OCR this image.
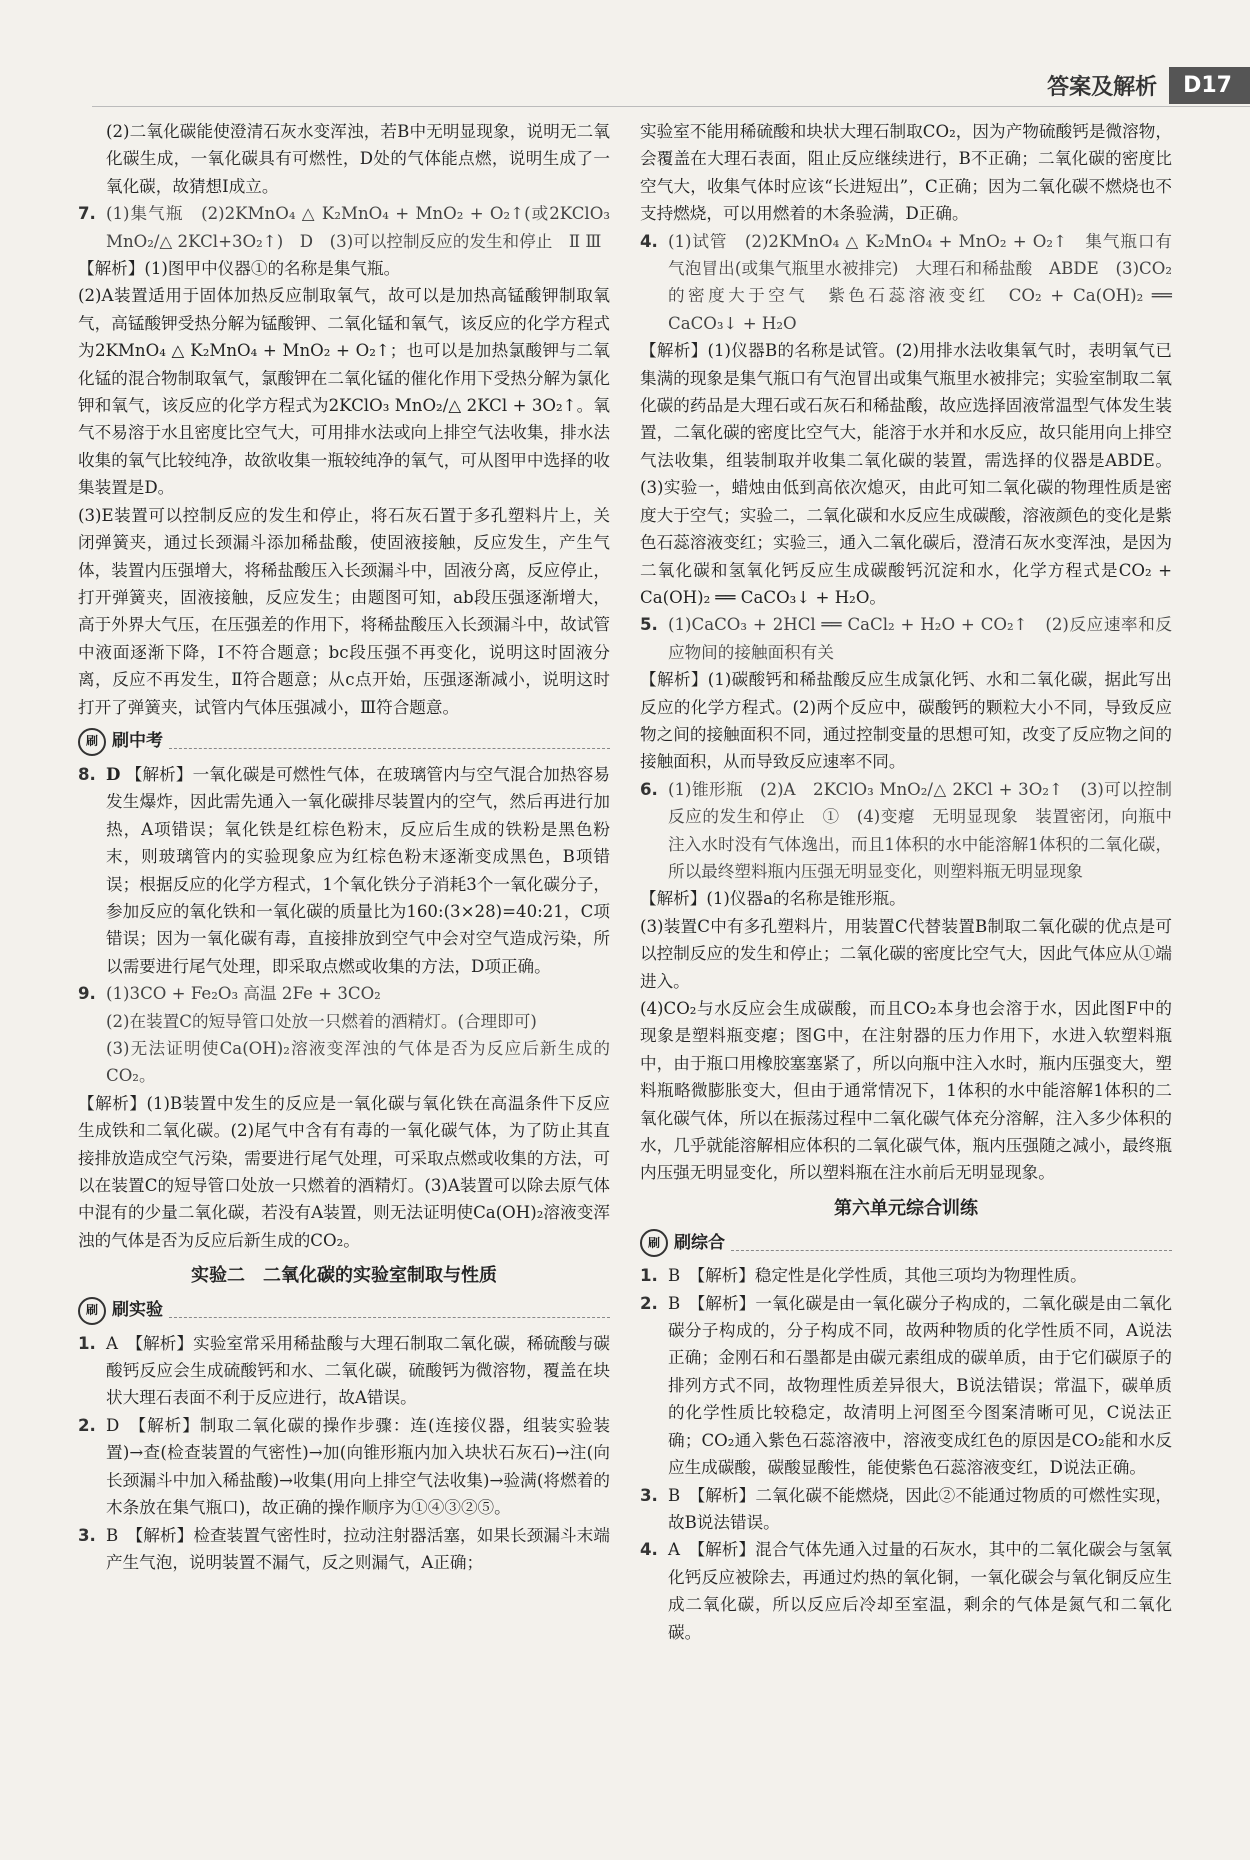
答案及解析	D17

(2)二氧化碳能使澄清石灰水变浑浊，若B中无明显现象，说明无二氧化碳生成，一氧化碳具有可燃性，D处的气体能点燃，说明生成了一氧化碳，故猜想Ⅰ成立。

7. (1)集气瓶　(2)2KMnO₄ △ K₂MnO₄ + MnO₂ + O₂↑(或2KClO₃ MnO₂/△ 2KCl+3O₂↑)　D　(3)可以控制反应的发生和停止　Ⅱ Ⅲ

【解析】(1)图甲中仪器①的名称是集气瓶。

(2)A装置适用于固体加热反应制取氧气，故可以是加热高锰酸钾制取氧气，高锰酸钾受热分解为锰酸钾、二氧化锰和氧气，该反应的化学方程式为2KMnO₄ △ K₂MnO₄ + MnO₂ + O₂↑；也可以是加热氯酸钾与二氧化锰的混合物制取氧气，氯酸钾在二氧化锰的催化作用下受热分解为氯化钾和氧气，该反应的化学方程式为2KClO₃ MnO₂/△ 2KCl + 3O₂↑。氧气不易溶于水且密度比空气大，可用排水法或向上排空气法收集，排水法收集的氧气比较纯净，故欲收集一瓶较纯净的氧气，可从图甲中选择的收集装置是D。

(3)E装置可以控制反应的发生和停止，将石灰石置于多孔塑料片上，关闭弹簧夹，通过长颈漏斗添加稀盐酸，使固液接触，反应发生，产生气体，装置内压强增大，将稀盐酸压入长颈漏斗中，固液分离，反应停止，打开弹簧夹，固液接触，反应发生；由题图可知，ab段压强逐渐增大，高于外界大气压，在压强差的作用下，将稀盐酸压入长颈漏斗中，故试管中液面逐渐下降，Ⅰ不符合题意；bc段压强不再变化，说明这时固液分离，反应不再发生，Ⅱ符合题意；从c点开始，压强逐渐减小，说明这时打开了弹簧夹，试管内气体压强减小，Ⅲ符合题意。

刷 刷中考
8. D 【解析】一氧化碳是可燃性气体，在玻璃管内与空气混合加热容易发生爆炸，因此需先通入一氧化碳排尽装置内的空气，然后再进行加热，A项错误；氧化铁是红棕色粉末，反应后生成的铁粉是黑色粉末，则玻璃管内的实验现象应为红棕色粉末逐渐变成黑色，B项错误；根据反应的化学方程式，1个氧化铁分子消耗3个一氧化碳分子，参加反应的氧化铁和一氧化碳的质量比为160:(3×28)=40:21，C项错误；因为一氧化碳有毒，直接排放到空气中会对空气造成污染，所以需要进行尾气处理，即采取点燃或收集的方法，D项正确。
9. (1)3CO + Fe₂O₃ 高温 2Fe + 3CO₂
(2)在装置C的短导管口处放一只燃着的酒精灯。(合理即可)
(3)无法证明使Ca(OH)₂溶液变浑浊的气体是否为反应后新生成的CO₂。

【解析】(1)B装置中发生的反应是一氧化碳与氧化铁在高温条件下反应生成铁和二氧化碳。(2)尾气中含有有毒的一氧化碳气体，为了防止其直接排放造成空气污染，需要进行尾气处理，可采取点燃或收集的方法，可以在装置C的短导管口处放一只燃着的酒精灯。(3)A装置可以除去原气体中混有的少量二氧化碳，若没有A装置，则无法证明使Ca(OH)₂溶液变浑浊的气体是否为反应后新生成的CO₂。

实验二　二氧化碳的实验室制取与性质
刷 刷实验
1. A　【解析】实验室常采用稀盐酸与大理石制取二氧化碳，稀硫酸与碳酸钙反应会生成硫酸钙和水、二氧化碳，硫酸钙为微溶物，覆盖在块状大理石表面不利于反应进行，故A错误。
2. D　【解析】制取二氧化碳的操作步骤：连(连接仪器，组装实验装置)→查(检查装置的气密性)→加(向锥形瓶内加入块状石灰石)→注(向长颈漏斗中加入稀盐酸)→收集(用向上排空气法收集)→验满(将燃着的木条放在集气瓶口)，故正确的操作顺序为①④③②⑤。
3. B　【解析】检查装置气密性时，拉动注射器活塞，如果长颈漏斗末端产生气泡，说明装置不漏气，反之则漏气，A正确；

实验室不能用稀硫酸和块状大理石制取CO₂，因为产物硫酸钙是微溶物，会覆盖在大理石表面，阻止反应继续进行，B不正确；二氧化碳的密度比空气大，收集气体时应该“长进短出”，C正确；因为二氧化碳不燃烧也不支持燃烧，可以用燃着的木条验满，D正确。

4. (1)试管　(2)2KMnO₄ △ K₂MnO₄ + MnO₂ + O₂↑　集气瓶口有气泡冒出(或集气瓶里水被排完)　大理石和稀盐酸　ABDE　(3)CO₂的密度大于空气　紫色石蕊溶液变红　CO₂ + Ca(OH)₂ ══ CaCO₃↓ + H₂O

【解析】(1)仪器B的名称是试管。(2)用排水法收集氧气时，表明氧气已集满的现象是集气瓶口有气泡冒出或集气瓶里水被排完；实验室制取二氧化碳的药品是大理石或石灰石和稀盐酸，故应选择固液常温型气体发生装置，二氧化碳的密度比空气大，能溶于水并和水反应，故只能用向上排空气法收集，组装制取并收集二氧化碳的装置，需选择的仪器是ABDE。(3)实验一，蜡烛由低到高依次熄灭，由此可知二氧化碳的物理性质是密度大于空气；实验二，二氧化碳和水反应生成碳酸，溶液颜色的变化是紫色石蕊溶液变红；实验三，通入二氧化碳后，澄清石灰水变浑浊，是因为二氧化碳和氢氧化钙反应生成碳酸钙沉淀和水，化学方程式是CO₂ + Ca(OH)₂ ══ CaCO₃↓ + H₂O。

5. (1)CaCO₃ + 2HCl ══ CaCl₂ + H₂O + CO₂↑　(2)反应速率和反应物间的接触面积有关

【解析】(1)碳酸钙和稀盐酸反应生成氯化钙、水和二氧化碳，据此写出反应的化学方程式。(2)两个反应中，碳酸钙的颗粒大小不同，导致反应物之间的接触面积不同，通过控制变量的思想可知，改变了反应物之间的接触面积，从而导致反应速率不同。

6. (1)锥形瓶　(2)A　2KClO₃ MnO₂/△ 2KCl + 3O₂↑　(3)可以控制反应的发生和停止　①　(4)变瘪　无明显现象　装置密闭，向瓶中注入水时没有气体逸出，而且1体积的水中能溶解1体积的二氧化碳，所以最终塑料瓶内压强无明显变化，则塑料瓶无明显现象

【解析】(1)仪器a的名称是锥形瓶。

(3)装置C中有多孔塑料片，用装置C代替装置B制取二氧化碳的优点是可以控制反应的发生和停止；二氧化碳的密度比空气大，因此气体应从①端进入。

(4)CO₂与水反应会生成碳酸，而且CO₂本身也会溶于水，因此图F中的现象是塑料瓶变瘪；图G中，在注射器的压力作用下，水进入软塑料瓶中，由于瓶口用橡胶塞塞紧了，所以向瓶中注入水时，瓶内压强变大，塑料瓶略微膨胀变大，但由于通常情况下，1体积的水中能溶解1体积的二氧化碳气体，所以在振荡过程中二氧化碳气体充分溶解，注入多少体积的水，几乎就能溶解相应体积的二氧化碳气体，瓶内压强随之减小，最终瓶内压强无明显变化，所以塑料瓶在注水前后无明显现象。

第六单元综合训练
刷 刷综合
1. B　【解析】稳定性是化学性质，其他三项均为物理性质。
2. B　【解析】一氧化碳是由一氧化碳分子构成的，二氧化碳是由二氧化碳分子构成的，分子构成不同，故两种物质的化学性质不同，A说法正确；金刚石和石墨都是由碳元素组成的碳单质，由于它们碳原子的排列方式不同，故物理性质差异很大，B说法错误；常温下，碳单质的化学性质比较稳定，故清明上河图至今图案清晰可见，C说法正确；CO₂通入紫色石蕊溶液中，溶液变成红色的原因是CO₂能和水反应生成碳酸，碳酸显酸性，能使紫色石蕊溶液变红，D说法正确。
3. B　【解析】二氧化碳不能燃烧，因此②不能通过物质的可燃性实现，故B说法错误。
4. A　【解析】混合气体先通入过量的石灰水，其中的二氧化碳会与氢氧化钙反应被除去，再通过灼热的氧化铜，一氧化碳会与氧化铜反应生成二氧化碳，所以反应后冷却至室温，剩余的气体是氮气和二氧化碳。
